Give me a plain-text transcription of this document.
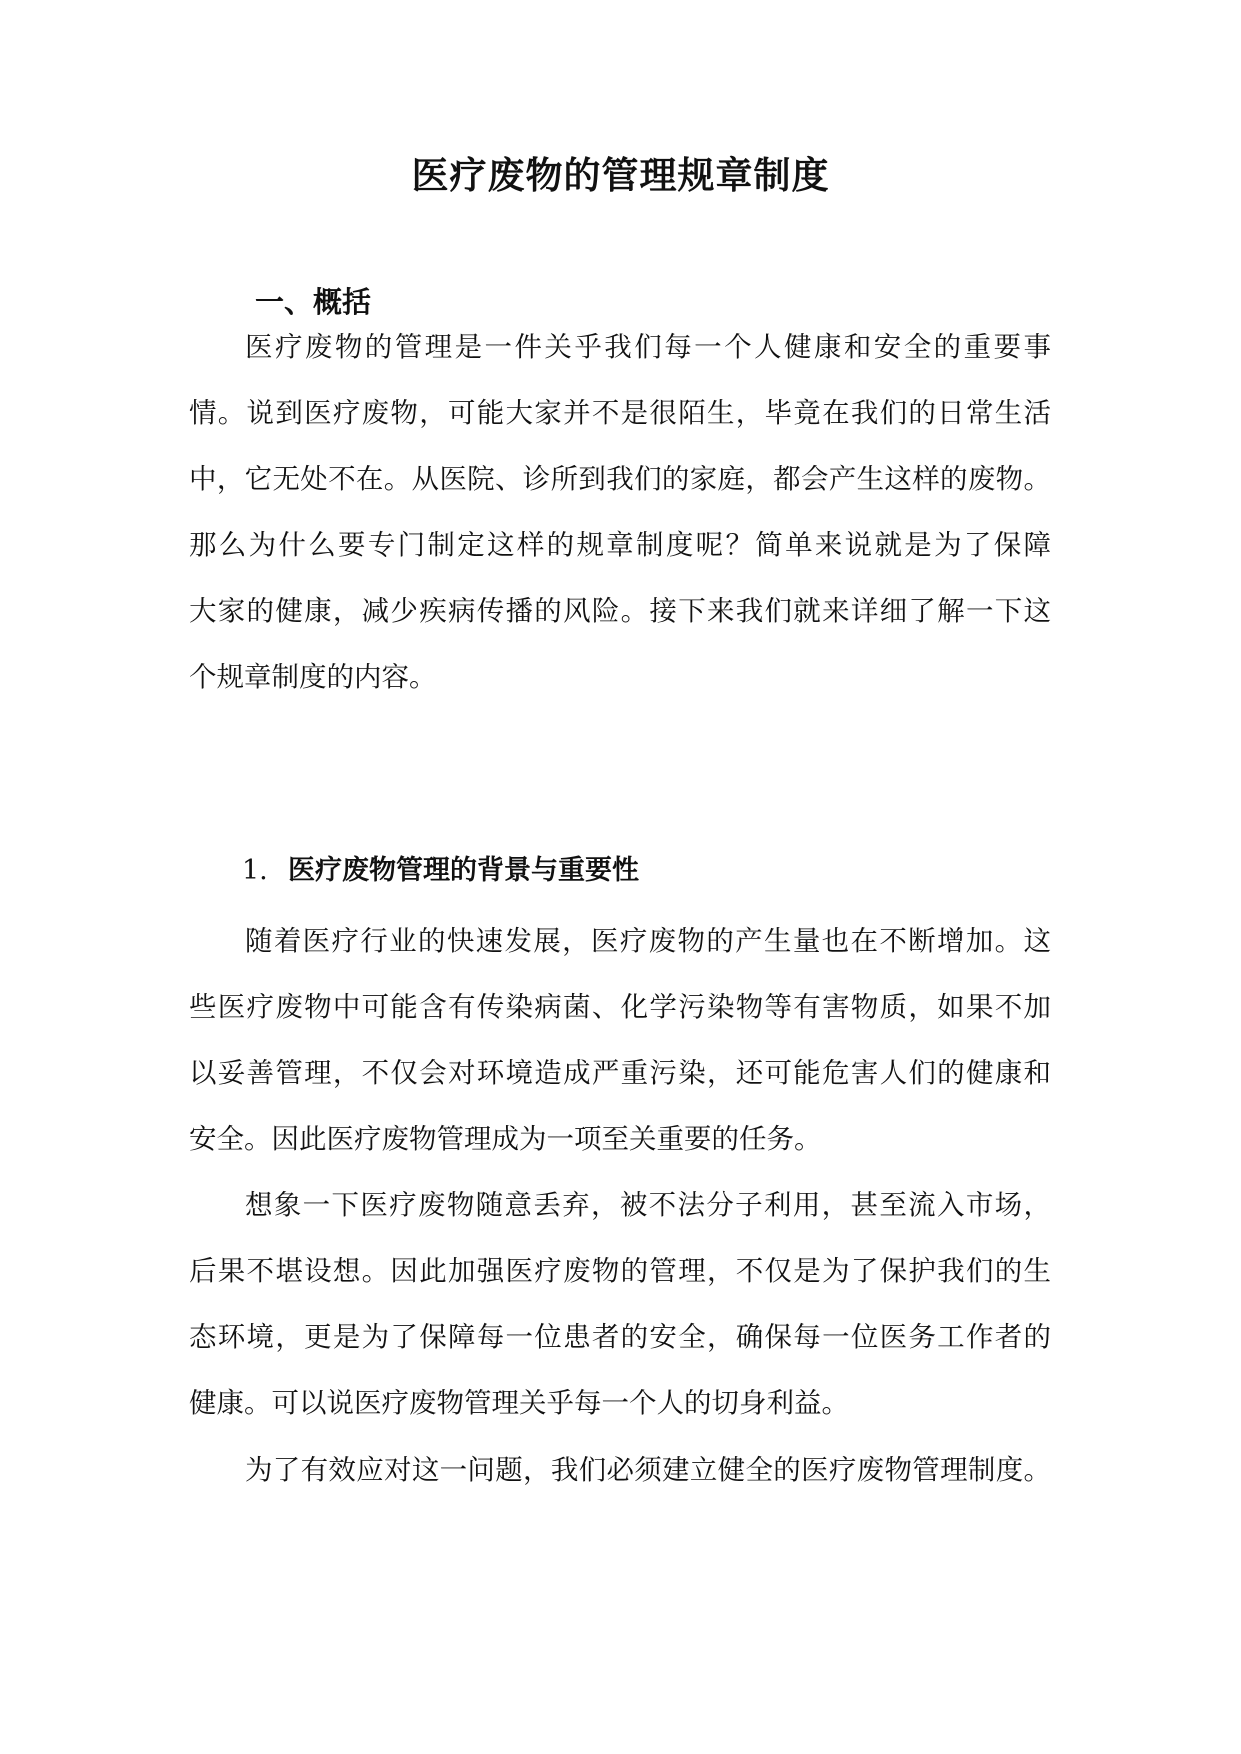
医疗废物的管理规章制度
一、概括

医疗废物的管理是一件关乎我们每一个人健康和安全的重要事

情。说到医疗废物，可能大家并不是很陌生，毕竟在我们的日常生活

中，它无处不在。从医院、诊所到我们的家庭，都会产生这样的废物。

那么为什么要专门制定这样的规章制度呢？简单来说就是为了保障

大家的健康，减少疾病传播的风险。接下来我们就来详细了解一下这

个规章制度的内容。

1. 医疗废物管理的背景与重要性

随着医疗行业的快速发展，医疗废物的产生量也在不断增加。这

些医疗废物中可能含有传染病菌、化学污染物等有害物质，如果不加

以妥善管理，不仅会对环境造成严重污染，还可能危害人们的健康和

安全。因此医疗废物管理成为一项至关重要的任务。

想象一下医疗废物随意丢弃，被不法分子利用，甚至流入市场，

后果不堪设想。因此加强医疗废物的管理，不仅是为了保护我们的生

态环境，更是为了保障每一位患者的安全，确保每一位医务工作者的

健康。可以说医疗废物管理关乎每一个人的切身利益。

为了有效应对这一问题，我们必须建立健全的医疗废物管理制度。
